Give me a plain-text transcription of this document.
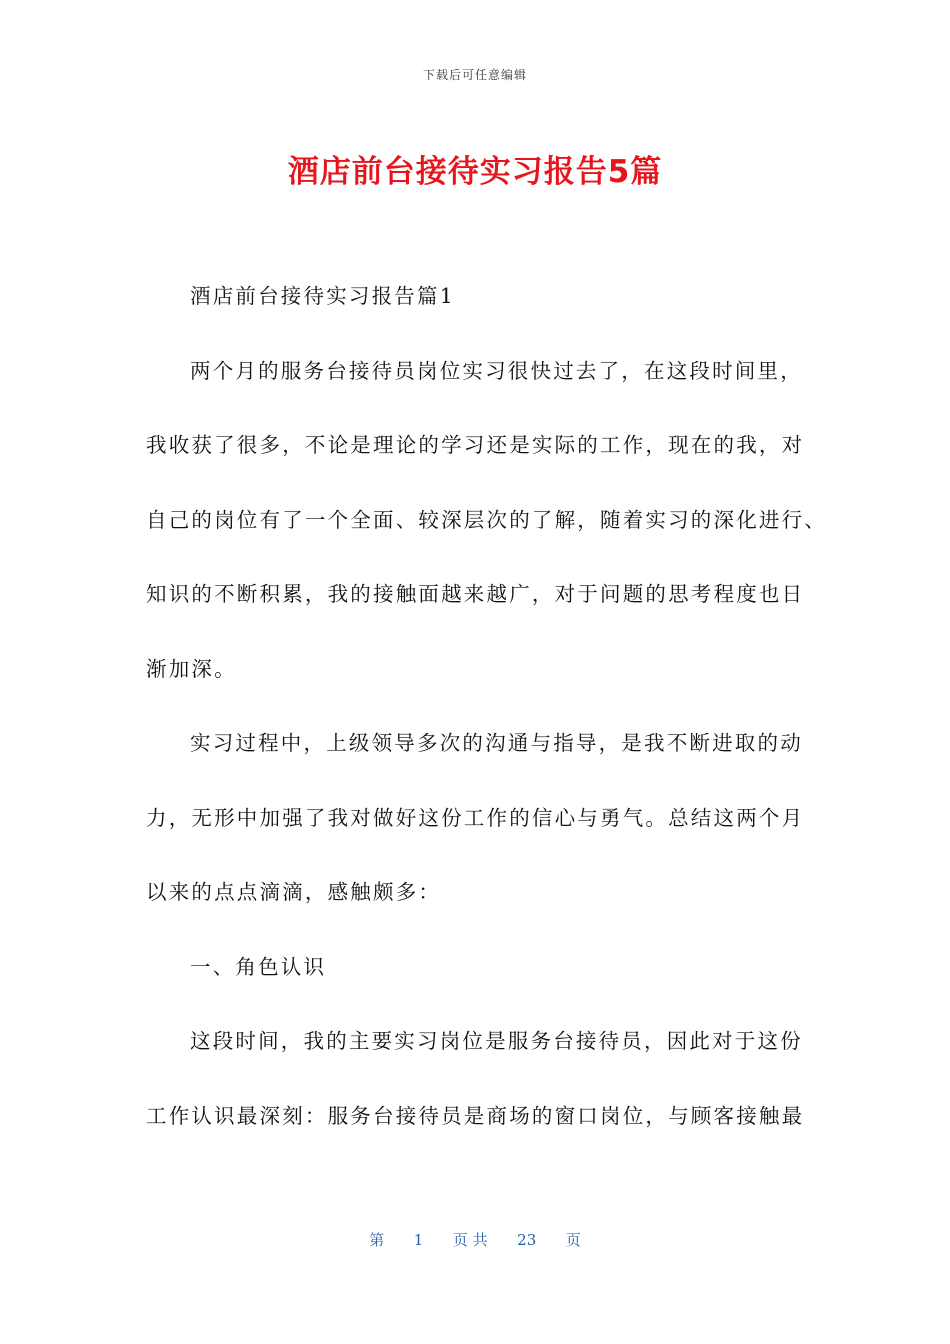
下载后可任意编辑
酒店前台接待实习报告5篇
酒店前台接待实习报告篇1
两个月的服务台接待员岗位实习很快过去了，在这段时间里，
我收获了很多，不论是理论的学习还是实际的工作，现在的我，对
自己的岗位有了一个全面、较深层次的了解，随着实习的深化进行、
知识的不断积累，我的接触面越来越广，对于问题的思考程度也日
渐加深。
实习过程中，上级领导多次的沟通与指导，是我不断进取的动
力，无形中加强了我对做好这份工作的信心与勇气。总结这两个月
以来的点点滴滴，感触颇多：
一、角色认识
这段时间，我的主要实习岗位是服务台接待员，因此对于这份
工作认识最深刻：服务台接待员是商场的窗口岗位，与顾客接触最
第 1 页 共 23 页
